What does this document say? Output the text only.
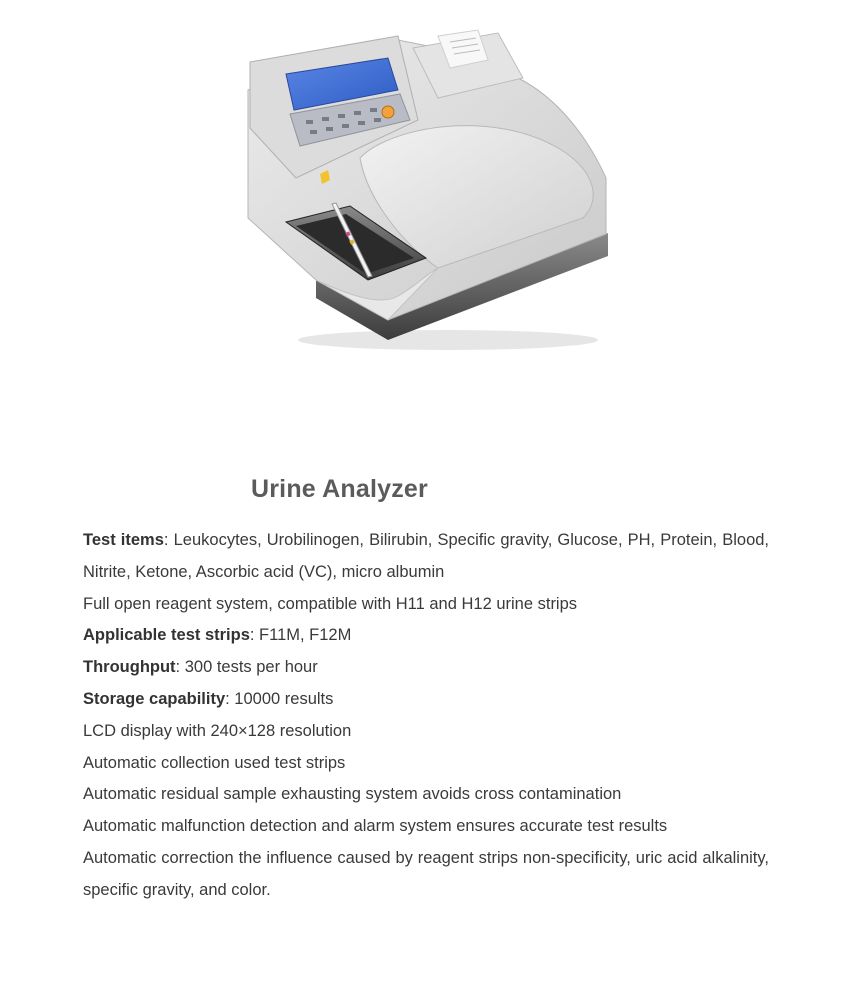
Urine Analyzer
Test items: Leukocytes, Urobilinogen, Bilirubin, Specific gravity, Glucose, PH, Protein, Blood, Nitrite, Ketone, Ascorbic acid (VC), micro albumin
Full open reagent system, compatible with H11 and H12 urine strips
Applicable test strips: F11M, F12M
Throughput: 300 tests per hour
Storage capability: 10000 results
LCD display with 240×128 resolution
Automatic collection used test strips
Automatic residual sample exhausting system avoids cross contamination
Automatic malfunction detection and alarm system ensures accurate test results
Automatic correction the influence caused by reagent strips non-specificity, uric acid alkalinity, specific gravity, and color.
